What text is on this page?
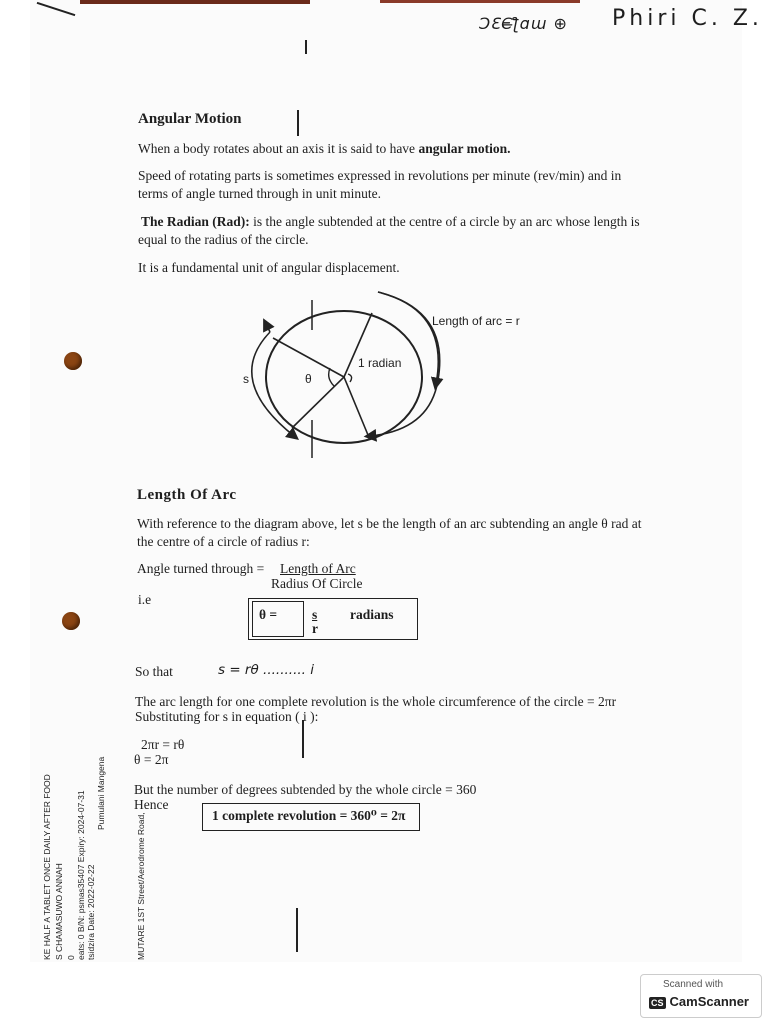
ƆƐЄ̶ƪɑɯ ⊕ Phiri C. Z.
Angular Motion
When a body rotates about an axis it is said to have angular motion.
Speed of rotating parts is sometimes expressed in revolutions per minute (rev/min) and in
terms of angle turned through in unit minute.
The Radian (Rad): is the angle subtended at the centre of a circle by an arc whose length is
equal to the radius of the circle.
It is a fundamental unit of angular displacement.
Length of arc = r
1 radian
s	θ
Length Of Arc
With reference to the diagram above, let s be the length of an arc subtending an angle θ rad at
the centre of a circle of radius r:
Angle turned through = Length of Arc
Radius Of Circle
i.e
θ =	s
r
radians
So that	s = rθ .......... i
The arc length for one complete revolution is the whole circumference of the circle = 2πr
Substituting for s in equation ( i ):
2πr = rθ
θ = 2π
But the number of degrees subtended by the whole circle = 360
Hence
1 complete revolution = 360⁰ = 2π
KE HALF A TABLET ONCE DAILY AFTER FOOD S CHAMASUWO ANNAH 0 eats: 0 B/N: psmas35407 Expiry: 2024-07-31 tsidzira Date: 2022-02-22
Pumulani Mangena
MUTARE 1ST Street/Aerodrome Road,
Scanned with
CS CamScanner
